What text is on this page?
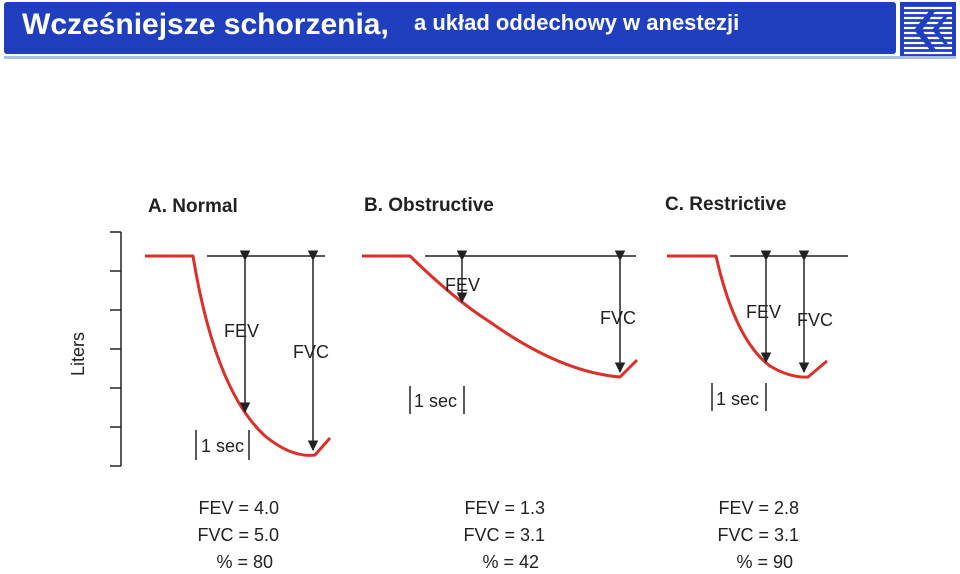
Wcześniejsze schorzenia, a układ oddechowy w anestezji
Liters
A. Normal
FEV
FVC
1 sec
FEV = 4.0
FVC = 5.0
% = 80
B. Obstructive
FEV
FVC
1 sec
FEV = 1.3
FVC = 3.1
% = 42
C. Restrictive
FEV FVC
1 sec
FEV = 2.8
FVC = 3.1
% = 90
